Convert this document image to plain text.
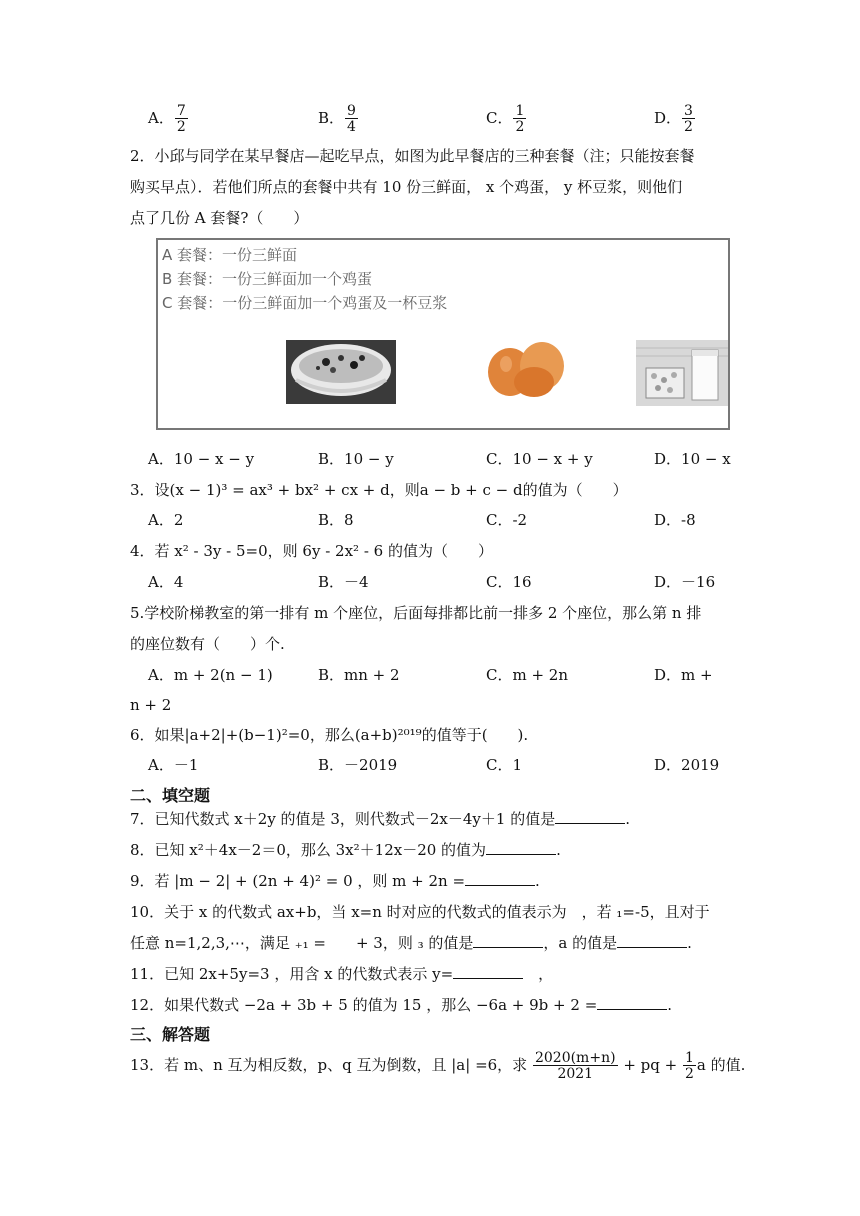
A． $\frac{7}{2}$	B． $\frac{9}{4}$	C． $\frac{1}{2}$	D． $\frac{3}{2}$
2．小邱与同学在某早餐店—起吃早点，如图为此早餐店的三种套餐（注；只能按套餐
购买早点）．若他们所点的套餐中共有 10 份三鲜面， x 个鸡蛋， y 杯豆浆，则他们
点了几份 A 套餐?（　　）
A 套餐：一份三鲜面
B 套餐：一份三鲜面加一个鸡蛋
C 套餐：一份三鲜面加一个鸡蛋及一杯豆浆
A．10 − x − y	B．10 − y	C．10 − x + y	D．10 − x
3．设(x − 1)³ = ax³ + bx² + cx + d，则a − b + c − d的值为（　　）
A．2	B．8	C．-2	D．-8
4．若 x² - 3y - 5=0，则 6y - 2x² - 6 的值为（　　）
A．4	B．－4	C．16	D．－16
5.学校阶梯教室的第一排有 m 个座位，后面每排都比前一排多 2 个座位，那么第 n 排
的座位数有（　　）个.
A．m + 2(n − 1)	B．mn + 2	C．m + 2n	D．m +
n + 2
6．如果|a+2|+(b−1)²=0，那么(a+b)²⁰¹⁹的值等于(　　).
A．－1	B．－2019	C．1	D．2019
二、填空题
7．已知代数式 x＋2y 的值是 3，则代数式－2x－4y＋1 的值是	.
8．已知 x²＋4x－2＝0，那么 3x²＋12x－20 的值为	.
9．若 |m − 2| + (2n + 4)² = 0 ，则 m + 2n =	.
10．关于 x 的代数式 ax+b，当 x=n 时对应的代数式的值表示为　，若 ₁=-5，且对于
任意 n=1,2,3,⋯，满足 ₊₁ =　　+ 3，则 ₃ 的值是	，a 的值是	.
11．已知 2x+5y=3 ，用含 x 的代数式表示 y=	　，
12．如果代数式 −2a + 3b + 5 的值为 15 ，那么 −6a + 9b + 2 =	.
三、解答题
13．若 m、n 互为相反数，p、q 互为倒数，且 |a| =6，求 $\frac{2020(m+n)}{2021}$ + pq + $\frac{1}{2}$ a 的值.
